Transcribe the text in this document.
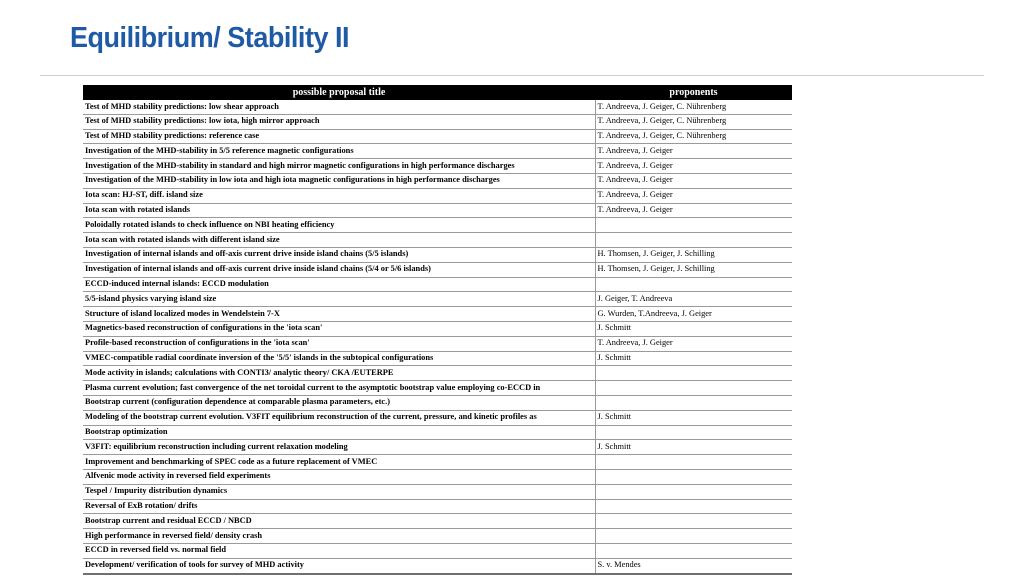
Equilibrium/ Stability II
possible proposal title	proponents
Test of MHD stability predictions: low shear approach	T. Andreeva, J. Geiger, C. Nührenberg
Test of MHD stability predictions: low iota, high mirror approach	T. Andreeva, J. Geiger, C. Nührenberg
Test of MHD stability predictions: reference case	T. Andreeva, J. Geiger, C. Nührenberg
Investigation of the MHD-stability in 5/5 reference magnetic configurations	T. Andreeva, J. Geiger
Investigation of the MHD-stability in standard and high mirror magnetic configurations in high performance discharges	T. Andreeva, J. Geiger
Investigation of the MHD-stability in low iota and high iota magnetic configurations in high performance discharges	T. Andreeva, J. Geiger
Iota scan: HJ-ST, diff. island size	T. Andreeva, J. Geiger
Iota scan with rotated islands	T. Andreeva, J. Geiger
Poloidally rotated islands to check influence on NBI heating efficiency	
Iota scan with rotated islands with different island size	
Investigation of internal islands and off-axis current drive inside island chains (5/5 islands)	H. Thomsen, J. Geiger, J. Schilling
Investigation of internal islands and off-axis current drive inside island chains (5/4 or 5/6 islands)	H. Thomsen, J. Geiger, J. Schilling
ECCD-induced internal islands: ECCD modulation	
5/5-island physics varying island size	J. Geiger, T. Andreeva
Structure of island localized modes in Wendelstein 7-X	G. Wurden, T.Andreeva, J. Geiger
Magnetics-based reconstruction of configurations in the 'iota scan'	J. Schmitt
Profile-based reconstruction of configurations in the 'iota scan'	T. Andreeva, J. Geiger
VMEC-compatible radial coordinate inversion of the '5/5' islands in the subtopical configurations	J. Schmitt
Mode activity in islands; calculations with CONTI3/ analytic theory/ CKA /EUTERPE	
Plasma current evolution; fast convergence of the net toroidal current to the asymptotic bootstrap value employing co-ECCD in	
Bootstrap current (configuration dependence at comparable plasma parameters, etc.)	
Modeling of the bootstrap current evolution. V3FIT equilibrium reconstruction of the current, pressure, and kinetic profiles as	J. Schmitt
Bootstrap optimization	
V3FIT: equilibrium reconstruction including current relaxation modeling	J. Schmitt
Improvement and benchmarking of SPEC code as a future replacement of VMEC	
Alfvenic mode activity in reversed field experiments	
Tespel / Impurity distribution dynamics	
Reversal of ExB rotation/ drifts	
Bootstrap current and residual ECCD / NBCD	
High performance in reversed field/ density crash	
ECCD in reversed field vs. normal field	
Development/ verification of tools for survey of MHD activity	S. v. Mendes
